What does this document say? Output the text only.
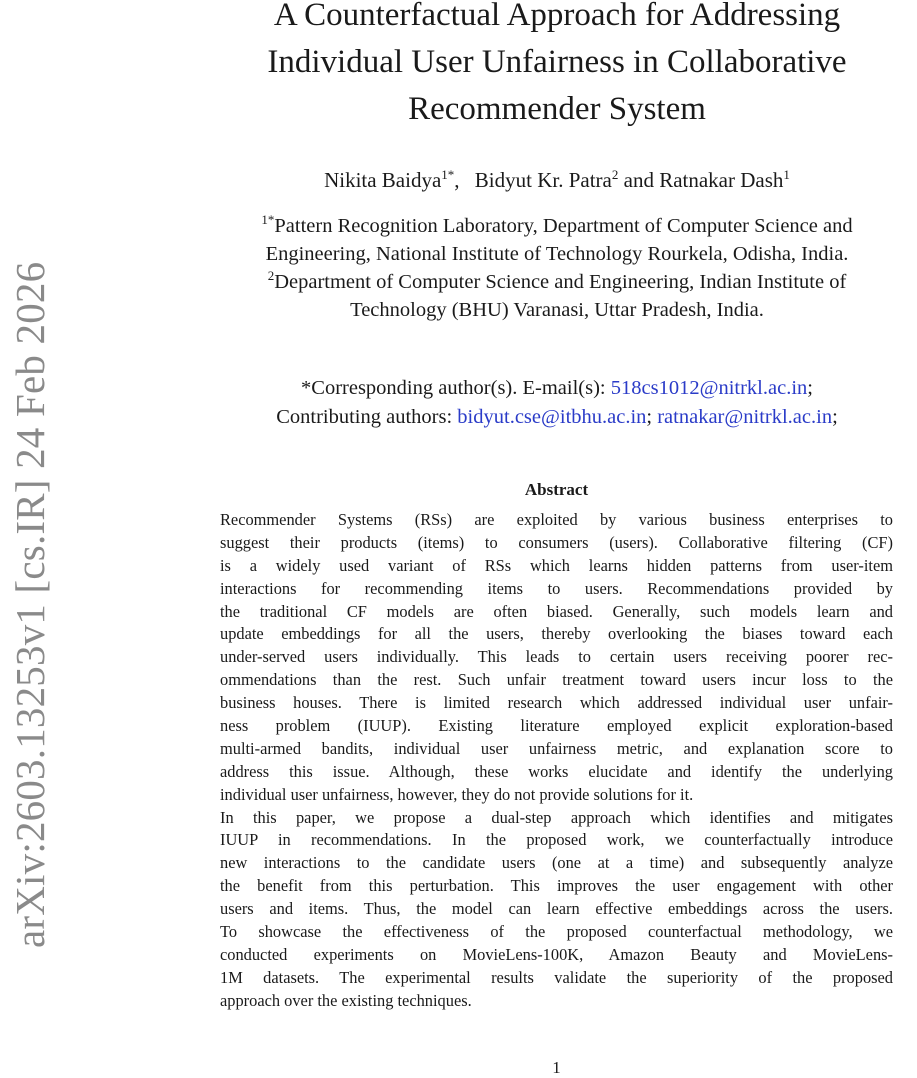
arXiv:2603.13253v1 [cs.IR] 24 Feb 2026
A Counterfactual Approach for Addressing
Individual User Unfairness in Collaborative
Recommender System
Nikita Baidya$^{1*}$, Bidyut Kr. Patra$^2$ and Ratnakar Dash$^1$
$^{1*}$Pattern Recognition Laboratory, Department of Computer Science and
Engineering, National Institute of Technology Rourkela, Odisha, India.
$^2$Department of Computer Science and Engineering, Indian Institute of
Technology (BHU) Varanasi, Uttar Pradesh, India.
*Corresponding author(s). E-mail(s): 518cs1012@nitrkl.ac.in;
Contributing authors: bidyut.cse@itbhu.ac.in; ratnakar@nitrkl.ac.in;
Abstract
Recommender Systems (RSs) are exploited by various business enterprises to
suggest their products (items) to consumers (users). Collaborative filtering (CF)
is a widely used variant of RSs which learns hidden patterns from user-item
interactions for recommending items to users. Recommendations provided by
the traditional CF models are often biased. Generally, such models learn and
update embeddings for all the users, thereby overlooking the biases toward each
under-served users individually. This leads to certain users receiving poorer rec-
ommendations than the rest. Such unfair treatment toward users incur loss to the
business houses. There is limited research which addressed individual user unfair-
ness problem (IUUP). Existing literature employed explicit exploration-based
multi-armed bandits, individual user unfairness metric, and explanation score to
address this issue. Although, these works elucidate and identify the underlying
individual user unfairness, however, they do not provide solutions for it.
In this paper, we propose a dual-step approach which identifies and mitigates
IUUP in recommendations. In the proposed work, we counterfactually introduce
new interactions to the candidate users (one at a time) and subsequently analyze
the benefit from this perturbation. This improves the user engagement with other
users and items. Thus, the model can learn effective embeddings across the users.
To showcase the effectiveness of the proposed counterfactual methodology, we
conducted experiments on MovieLens-100K, Amazon Beauty and MovieLens-
1M datasets. The experimental results validate the superiority of the proposed
approach over the existing techniques.
1
